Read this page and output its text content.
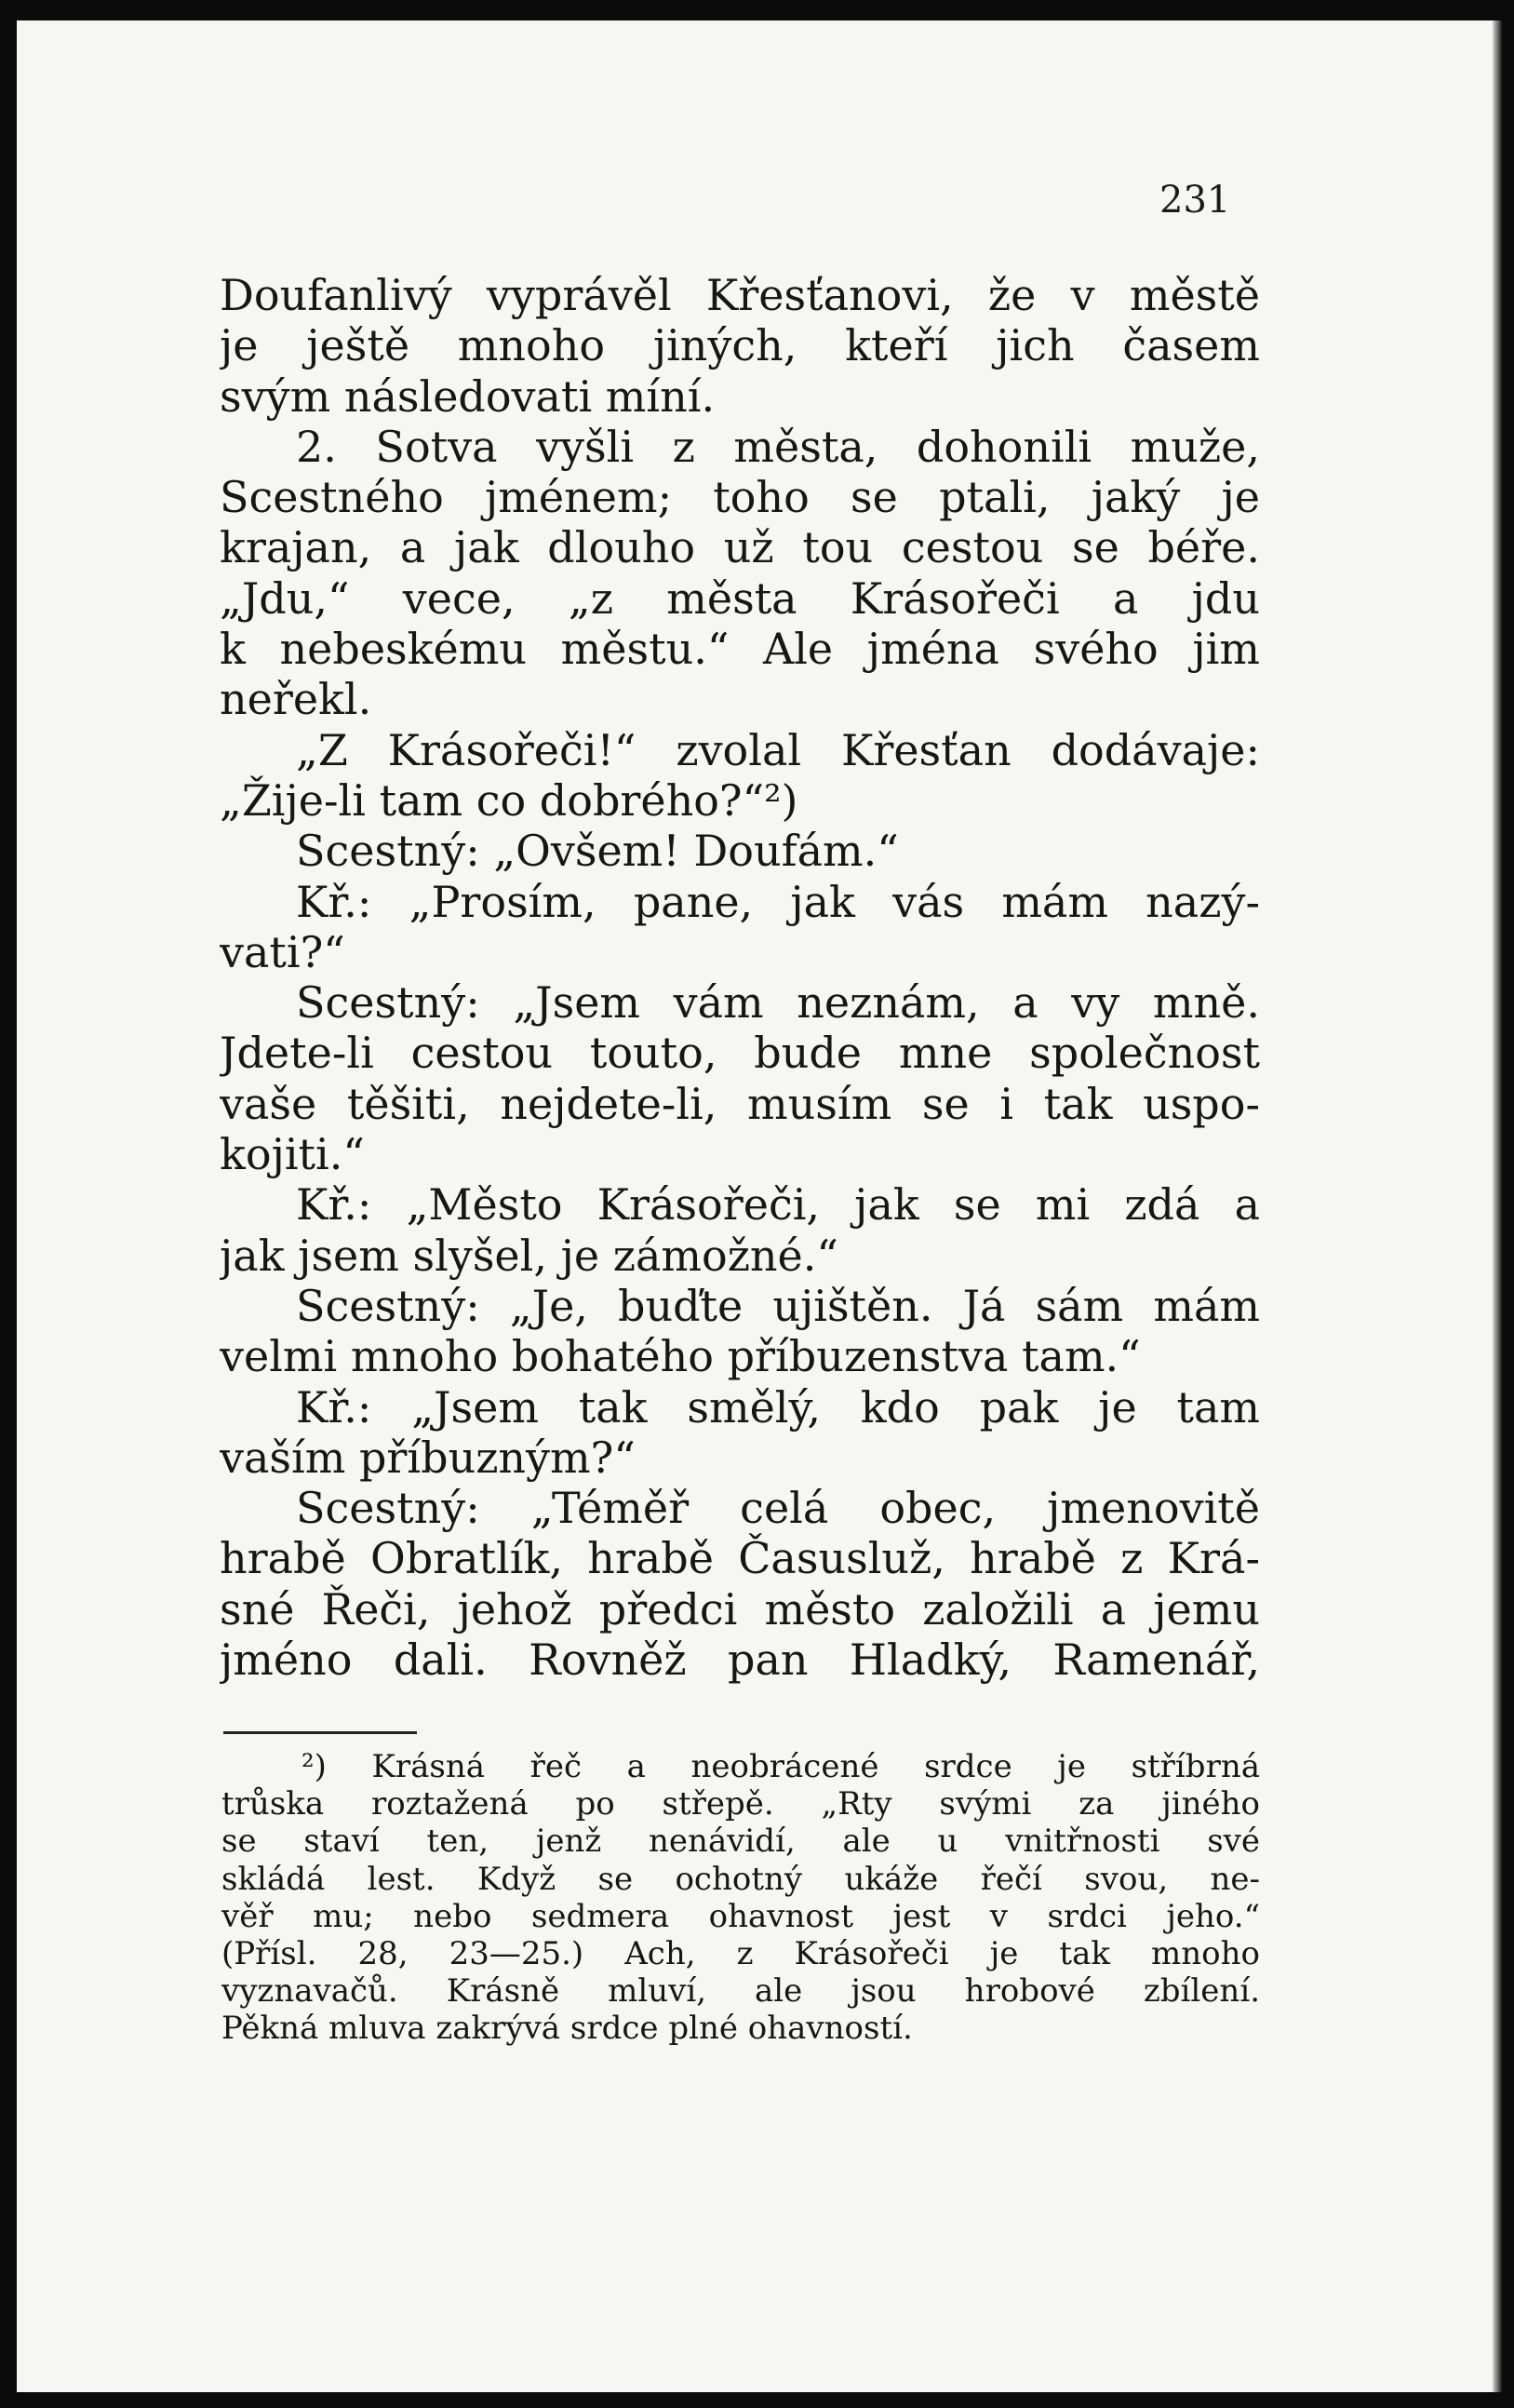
231
Doufanlivý vyprávěl Křesťanovi, že v městě
je ještě mnoho jiných, kteří jich časem
svým následovati míní.
2. Sotva vyšli z města, dohonili muže,
Scestného jménem; toho se ptali, jaký je
krajan, a jak dlouho už tou cestou se béře.
„Jdu,“ vece, „z města Krásořeči a jdu
k nebeskému městu.“ Ale jména svého jim
neřekl.
„Z Krásořeči!“ zvolal Křesťan dodávaje:
„Žije-li tam co dobrého?“²)
Scestný: „Ovšem! Doufám.“
Kř.: „Prosím, pane, jak vás mám nazý-
vati?“
Scestný: „Jsem vám neznám, a vy mně.
Jdete-li cestou touto, bude mne společnost
vaše těšiti, nejdete-li, musím se i tak uspo-
kojiti.“
Kř.: „Město Krásořeči, jak se mi zdá a
jak jsem slyšel, je zámožné.“
Scestný: „Je, buďte ujištěn. Já sám mám
velmi mnoho bohatého příbuzenstva tam.“
Kř.: „Jsem tak smělý, kdo pak je tam
vaším příbuzným?“
Scestný: „Téměř celá obec, jmenovitě
hrabě Obratlík, hrabě Časusluž, hrabě z Krá-
sné Řeči, jehož předci město založili a jemu
jméno dali. Rovněž pan Hladký, Ramenář,
²) Krásná řeč a neobrácené srdce je stříbrná
trůska roztažená po střepě. „Rty svými za jiného
se staví ten, jenž nenávidí, ale u vnitřnosti své
skládá lest. Když se ochotný ukáže řečí svou, ne-
věř mu; nebo sedmera ohavnost jest v srdci jeho.“
(Přísl. 28, 23—25.) Ach, z Krásořeči je tak mnoho
vyznavačů. Krásně mluví, ale jsou hrobové zbílení.
Pěkná mluva zakrývá srdce plné ohavností.
